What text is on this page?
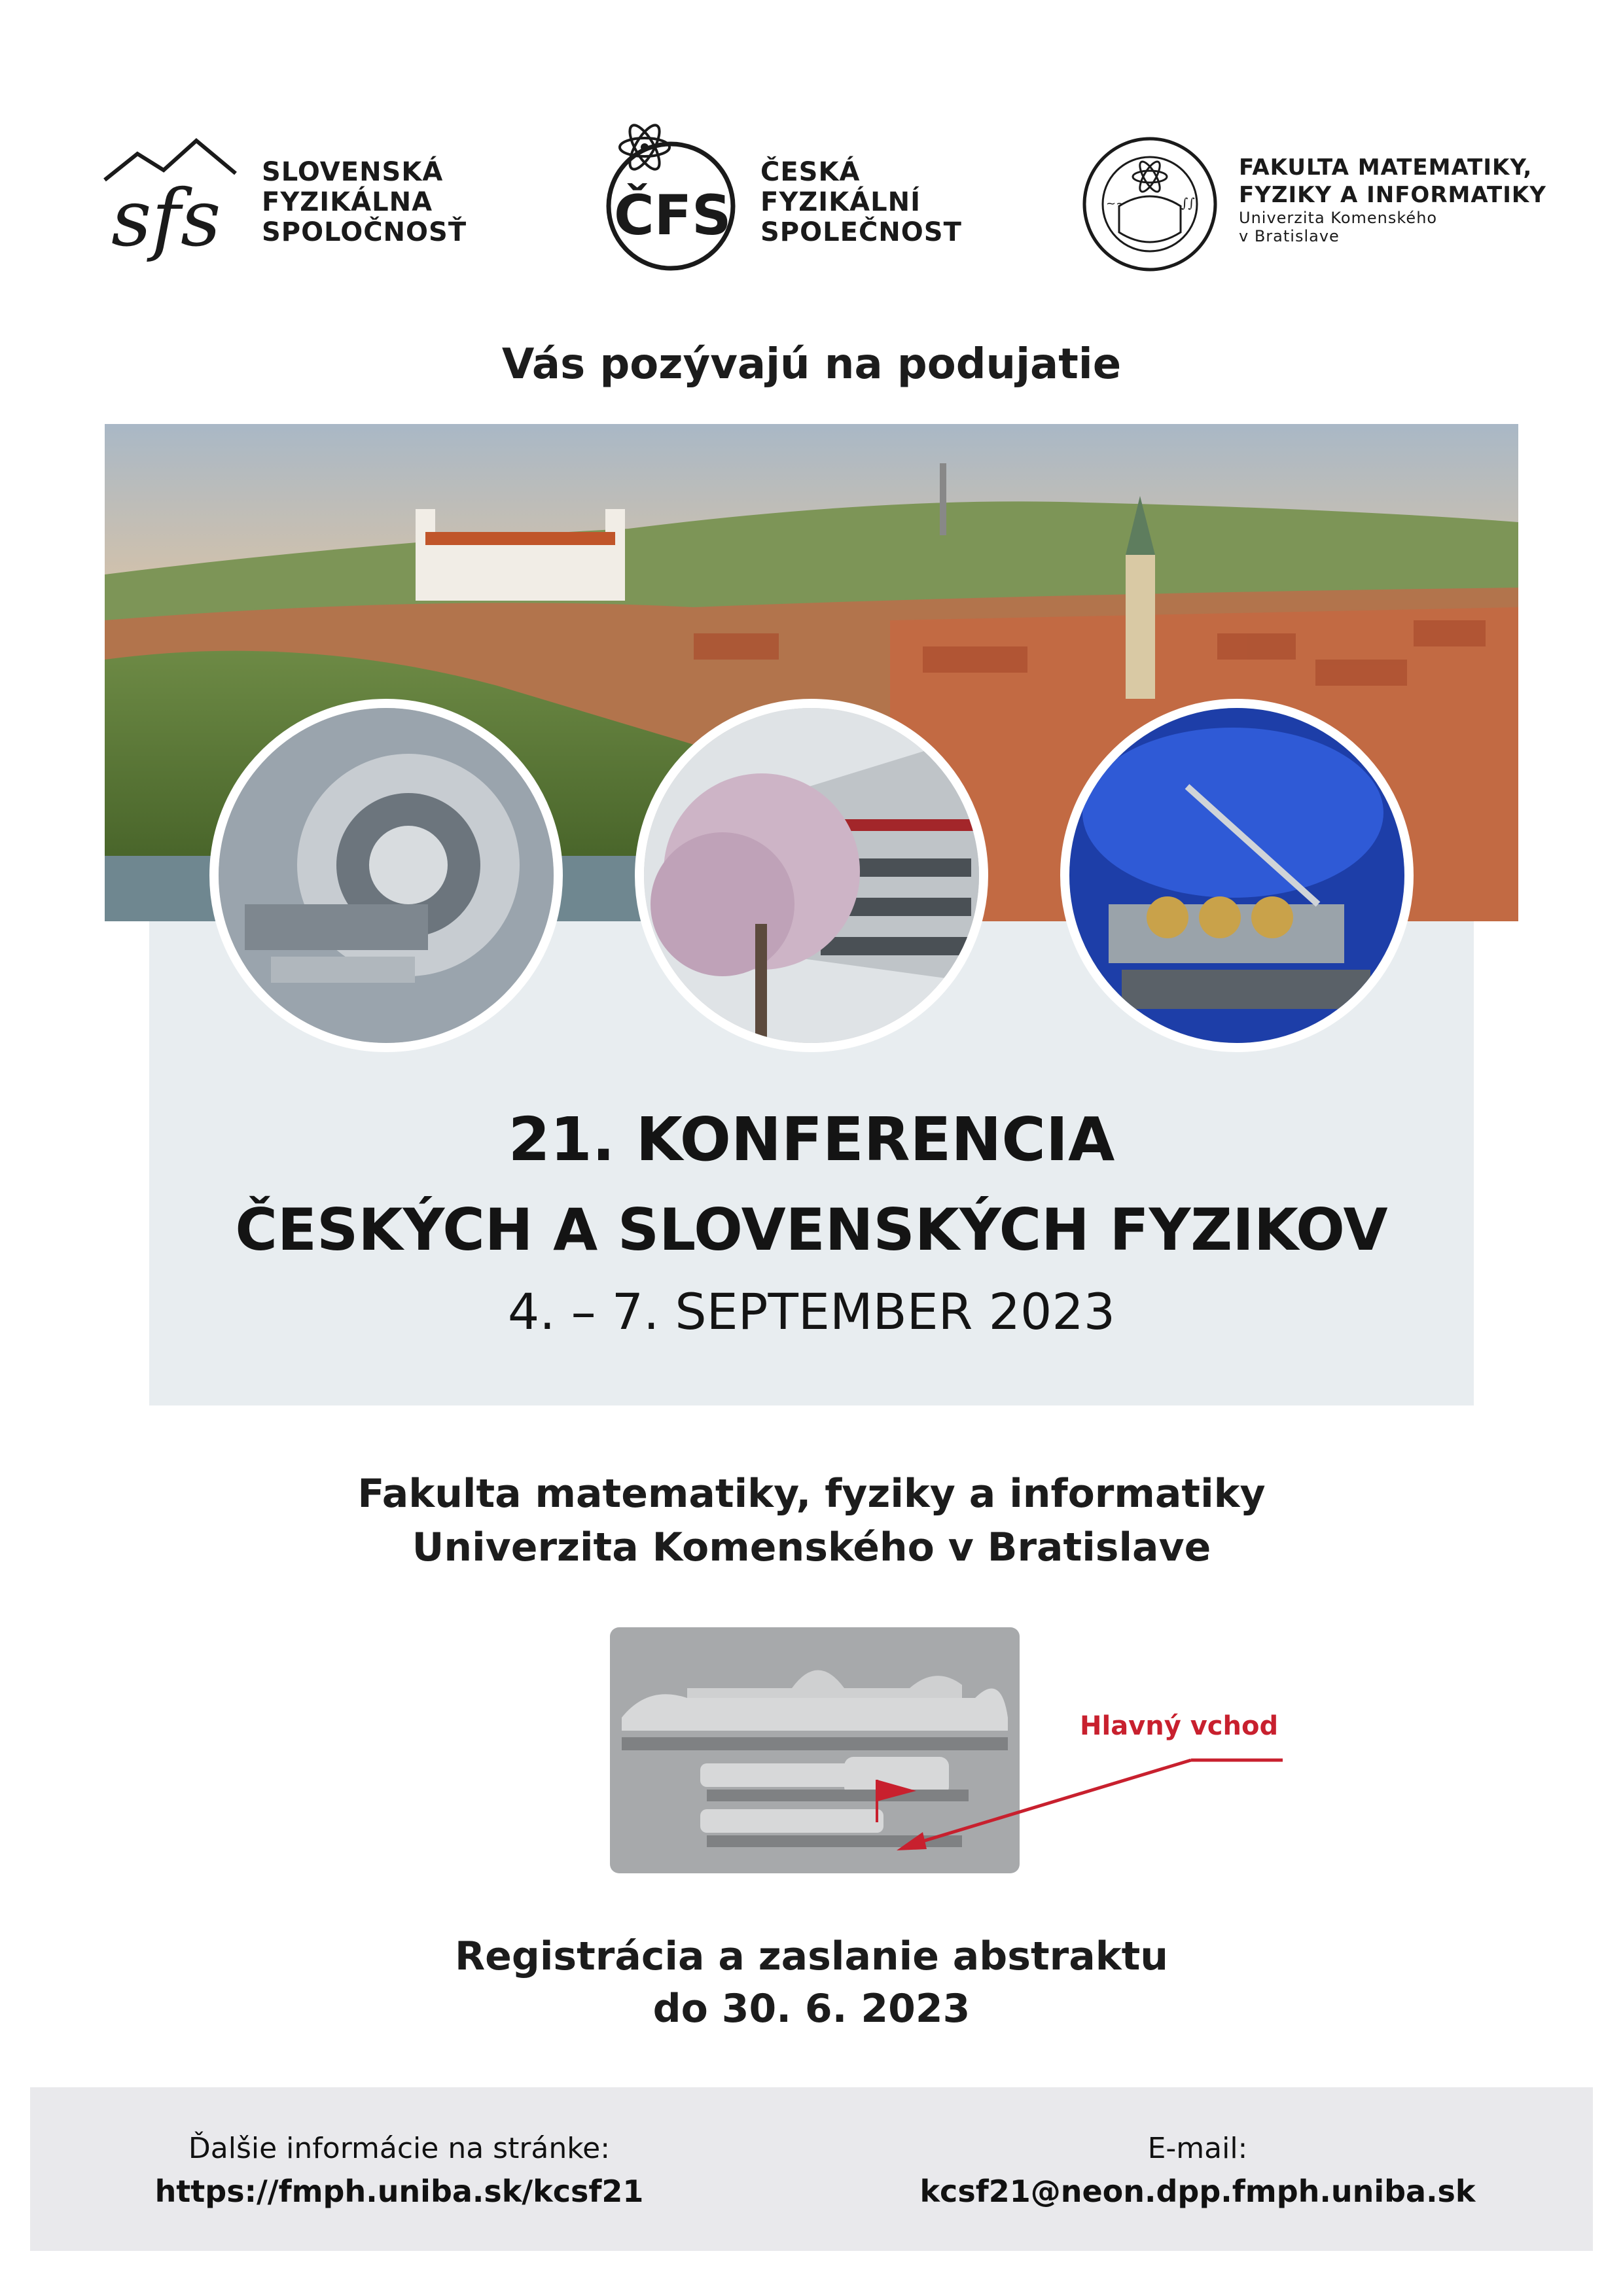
sfs
SLOVENSKÁ
FYZIKÁLNA
SPOLOČNOSŤ	ČFS
ČESKÁ
FYZIKÁLNÍ
SPOLEČNOST
~~	∫∫
FAKULTA MATEMATIKY,
FYZIKY A INFORMATIKY
Univerzita Komenského
v Bratislave
Vás pozývajú na podujatie
21. KONFERENCIA
ČESKÝCH A SLOVENSKÝCH FYZIKOV
4. – 7. SEPTEMBER 2023
Fakulta matematiky, fyziky a informatiky
Univerzita Komenského v Bratislave
Hlavný vchod
Registrácia a zaslanie abstraktu
do 30. 6. 2023
Ďalšie informácie na stránke:
https://fmph.uniba.sk/kcsf21
E-mail:
kcsf21@neon.dpp.fmph.uniba.sk
